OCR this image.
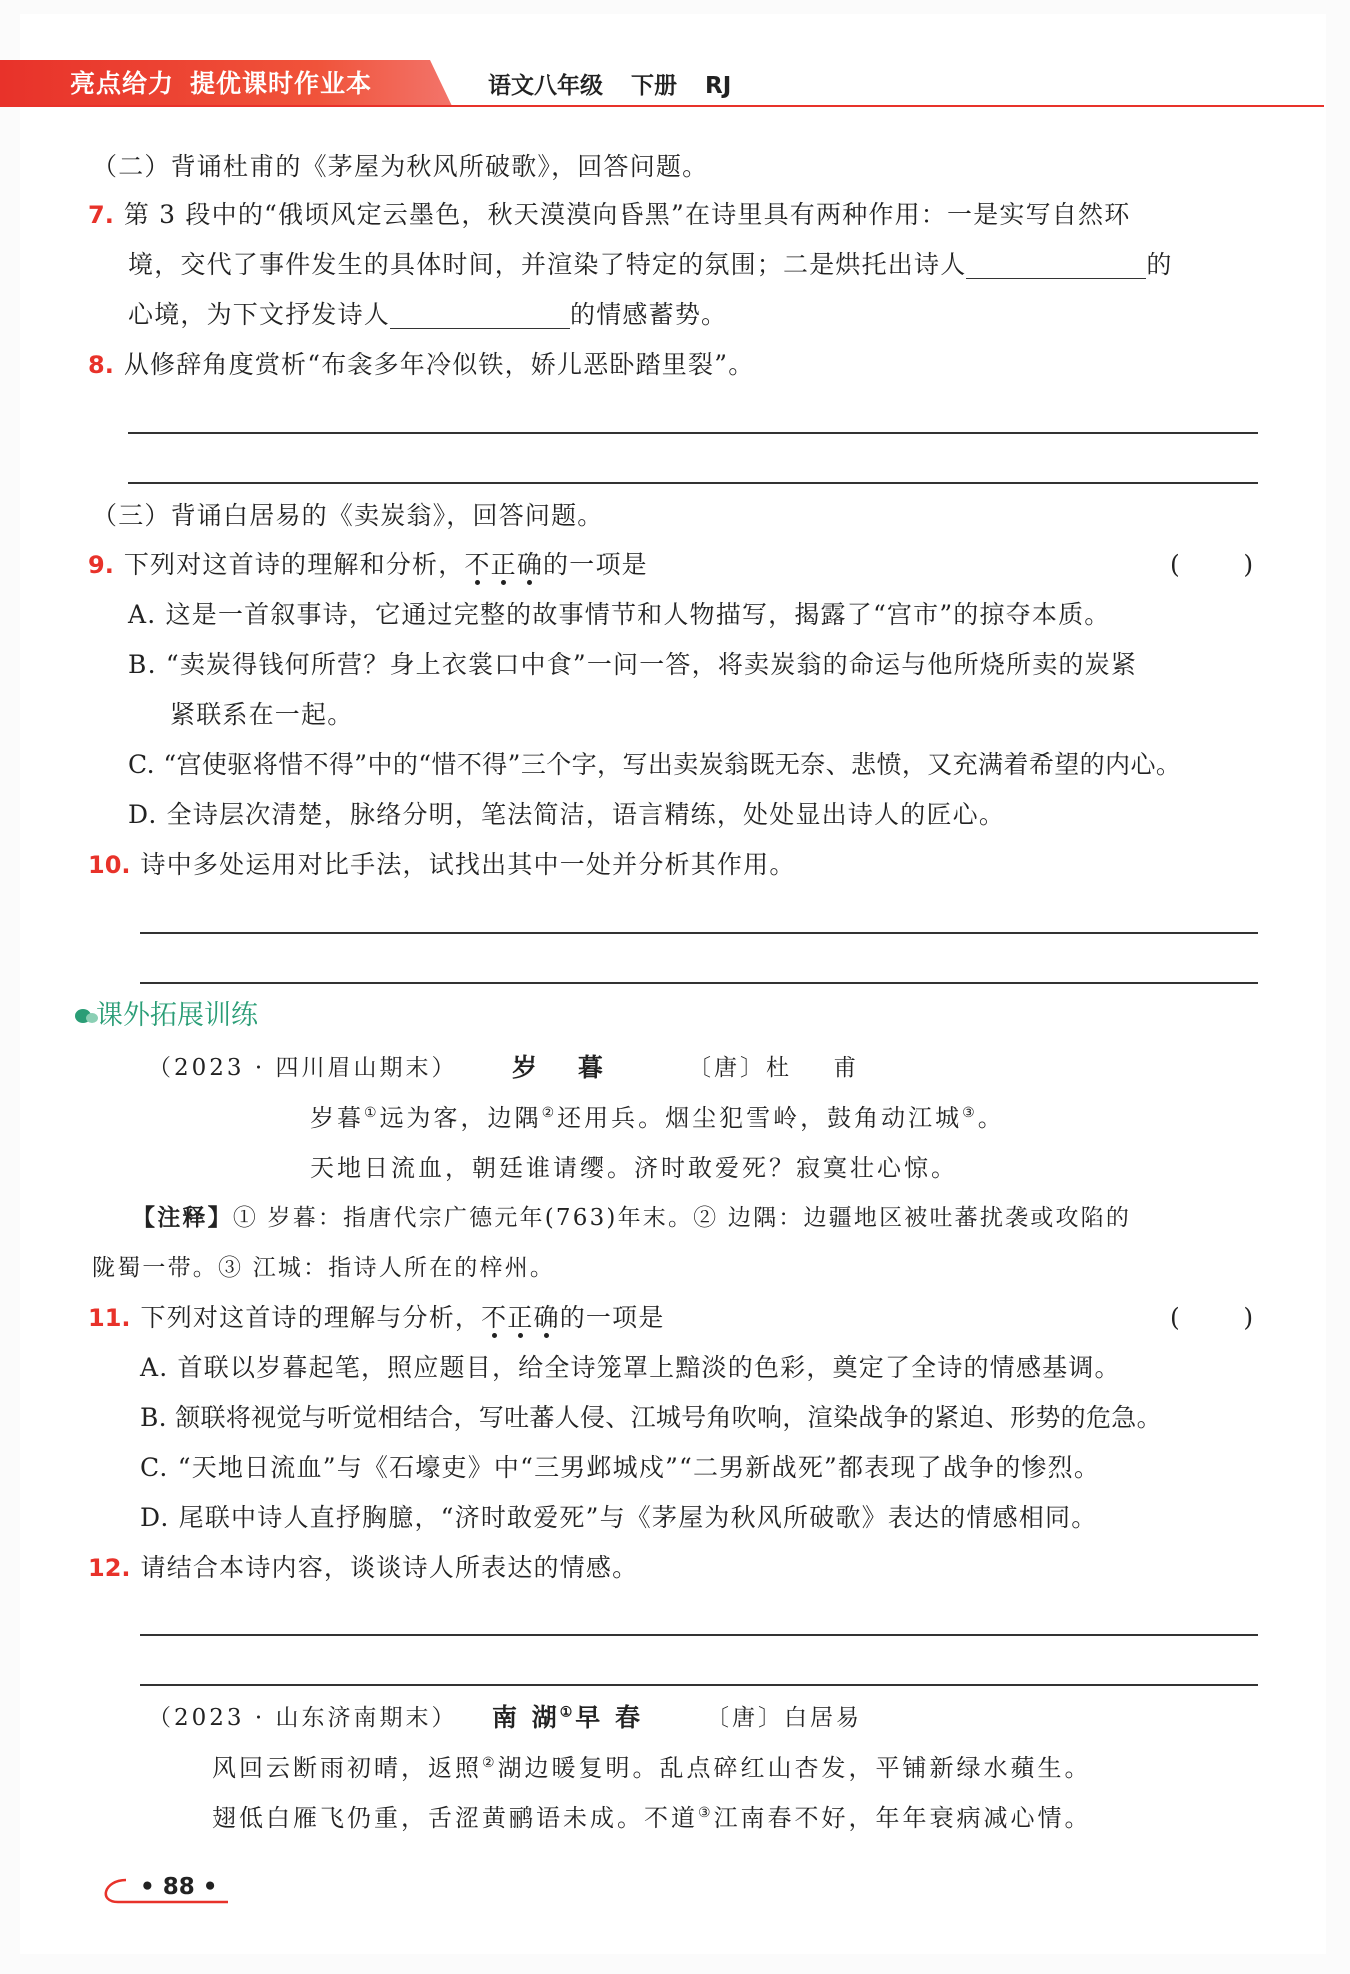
亮点给力 提优课时作业本	语文八年级 下册 RJ
（二）背诵杜甫的《茅屋为秋风所破歌》，回答问题。
7. 第 3 段中的“俄顷风定云墨色，秋天漠漠向昏黑”在诗里具有两种作用：一是实写自然环
境，交代了事件发生的具体时间，并渲染了特定的氛围；二是烘托出诗人	的
心境，为下文抒发诗人	的情感蓄势。
8. 从修辞角度赏析“布衾多年冷似铁，娇儿恶卧踏里裂”。
（三）背诵白居易的《卖炭翁》，回答问题。
9. 下列对这首诗的理解和分析，不
正
确
的一项是	(        )
A. 这是一首叙事诗，它通过完整的故事情节和人物描写，揭露了“宫市”的掠夺本质。
B. “卖炭得钱何所营？身上衣裳口中食”一问一答，将卖炭翁的命运与他所烧所卖的炭紧
紧联系在一起。
C. “宫使驱将惜不得”中的“惜不得”三个字，写出卖炭翁既无奈、悲愤，又充满着希望的内心。
D. 全诗层次清楚，脉络分明，笔法简洁，语言精练，处处显出诗人的匠心。
10. 诗中多处运用对比手法，试找出其中一处并分析其作用。
课外拓展训练
（2023 · 四川眉山期末） 岁    暮	〔唐〕杜    甫
岁暮①远为客，边隅②还用兵。烟尘犯雪岭，鼓角动江城③。
天地日流血，朝廷谁请缨。济时敢爱死？寂寞壮心惊。
【注释】① 岁暮：指唐代宗广德元年(763)年末。② 边隅：边疆地区被吐蕃扰袭或攻陷的
陇蜀一带。③ 江城：指诗人所在的梓州。
11. 下列对这首诗的理解与分析，不
正
确
的一项是	(        )
A. 首联以岁暮起笔，照应题目，给全诗笼罩上黯淡的色彩，奠定了全诗的情感基调。
B. 颔联将视觉与听觉相结合，写吐蕃人侵、江城号角吹响，渲染战争的紧迫、形势的危急。
C. “天地日流血”与《石壕吏》中“三男邺城戍”“二男新战死”都表现了战争的惨烈。
D. 尾联中诗人直抒胸臆，“济时敢爱死”与《茅屋为秋风所破歌》表达的情感相同。
12. 请结合本诗内容，谈谈诗人所表达的情感。
（2023 · 山东济南期末） 南 湖①早 春	〔唐〕白居易
风回云断雨初晴，返照②湖边暖复明。乱点碎红山杏发，平铺新绿水蘋生。
翅低白雁飞仍重，舌涩黄鹂语未成。不道③江南春不好，年年衰病减心情。
• 88 •
